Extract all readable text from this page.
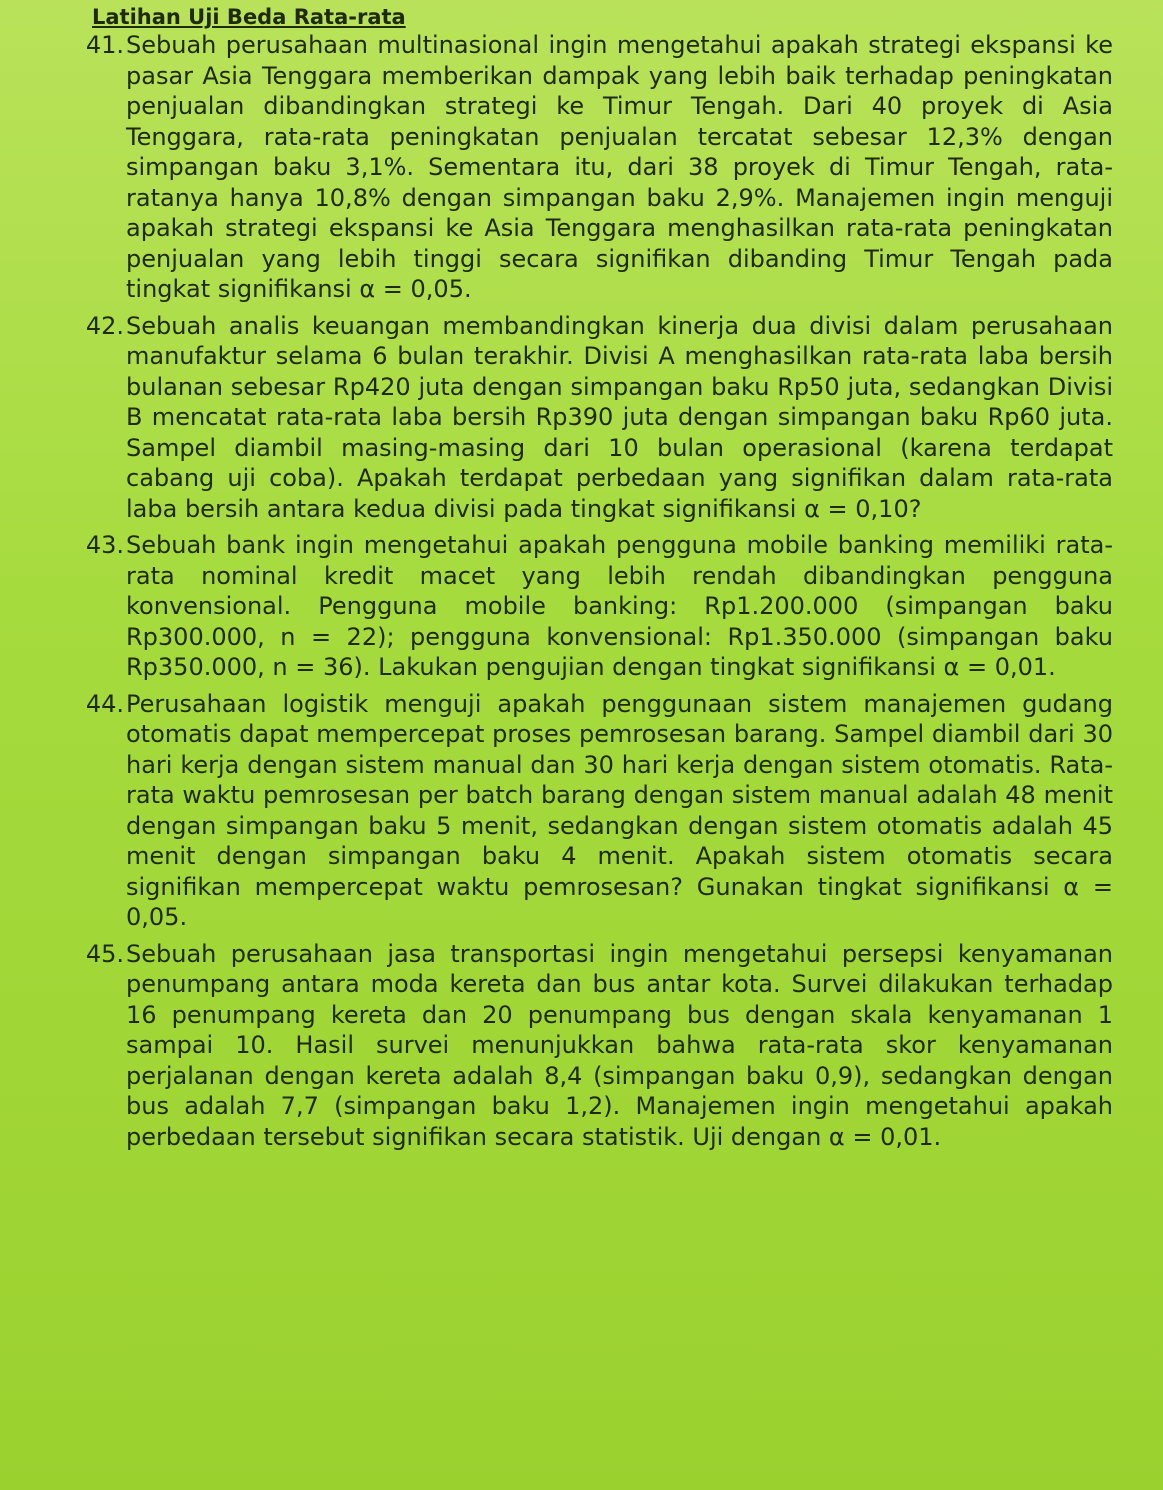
Latihan Uji Beda Rata-rata
41. Sebuah perusahaan multinasional ingin mengetahui apakah strategi ekspansi ke pasar Asia Tenggara memberikan dampak yang lebih baik terhadap peningkatan penjualan dibandingkan strategi ke Timur Tengah. Dari 40 proyek di Asia Tenggara, rata-rata peningkatan penjualan tercatat sebesar 12,3% dengan simpangan baku 3,1%. Sementara itu, dari 38 proyek di Timur Tengah, rata-ratanya hanya 10,8% dengan simpangan baku 2,9%. Manajemen ingin menguji apakah strategi ekspansi ke Asia Tenggara menghasilkan rata-rata peningkatan penjualan yang lebih tinggi secara signifikan dibanding Timur Tengah pada tingkat signifikansi α = 0,05.
42. Sebuah analis keuangan membandingkan kinerja dua divisi dalam perusahaan manufaktur selama 6 bulan terakhir. Divisi A menghasilkan rata-rata laba bersih bulanan sebesar Rp420 juta dengan simpangan baku Rp50 juta, sedangkan Divisi B mencatat rata-rata laba bersih Rp390 juta dengan simpangan baku Rp60 juta. Sampel diambil masing-masing dari 10 bulan operasional (karena terdapat cabang uji coba). Apakah terdapat perbedaan yang signifikan dalam rata-rata laba bersih antara kedua divisi pada tingkat signifikansi α = 0,10?
43. Sebuah bank ingin mengetahui apakah pengguna mobile banking memiliki rata-rata nominal kredit macet yang lebih rendah dibandingkan pengguna konvensional. Pengguna mobile banking: Rp1.200.000 (simpangan baku Rp300.000, n = 22); pengguna konvensional: Rp1.350.000 (simpangan baku Rp350.000, n = 36). Lakukan pengujian dengan tingkat signifikansi α = 0,01.
44. Perusahaan logistik menguji apakah penggunaan sistem manajemen gudang otomatis dapat mempercepat proses pemrosesan barang. Sampel diambil dari 30 hari kerja dengan sistem manual dan 30 hari kerja dengan sistem otomatis. Rata-rata waktu pemrosesan per batch barang dengan sistem manual adalah 48 menit dengan simpangan baku 5 menit, sedangkan dengan sistem otomatis adalah 45 menit dengan simpangan baku 4 menit. Apakah sistem otomatis secara signifikan mempercepat waktu pemrosesan? Gunakan tingkat signifikansi α = 0,05.
45. Sebuah perusahaan jasa transportasi ingin mengetahui persepsi kenyamanan penumpang antara moda kereta dan bus antar kota. Survei dilakukan terhadap 16 penumpang kereta dan 20 penumpang bus dengan skala kenyamanan 1 sampai 10. Hasil survei menunjukkan bahwa rata-rata skor kenyamanan perjalanan dengan kereta adalah 8,4 (simpangan baku 0,9), sedangkan dengan bus adalah 7,7 (simpangan baku 1,2). Manajemen ingin mengetahui apakah perbedaan tersebut signifikan secara statistik. Uji dengan α = 0,01.
